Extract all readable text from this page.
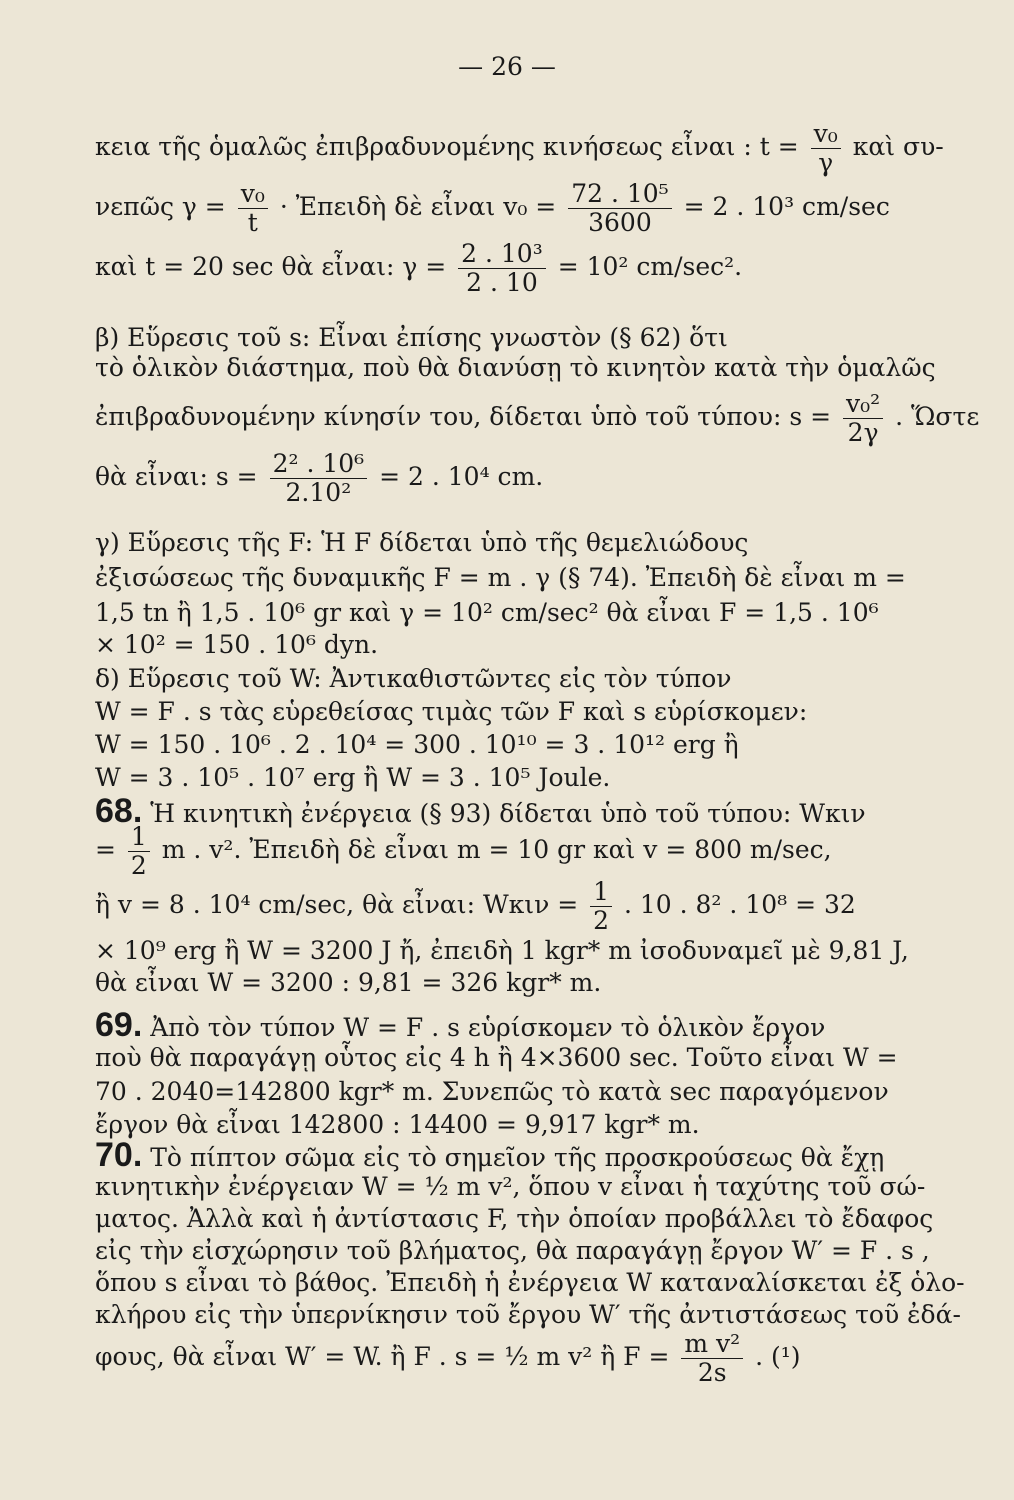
— 26 —
κεια τῆς ὁμαλῶς ἐπιβραδυνομένης κινήσεως εἶναι : $t = \frac{\text{v₀}}{\gamma}$ καὶ συ-
νεπῶς $\gamma = \frac{\text{v₀}}{t}$ · Ἐπειδὴ δὲ εἶναι $v_0 = \frac{\text{72 . 10⁵}}{3600} = 2$ . 10³ cm/sec
καὶ t = 20 sec θὰ εἶναι: $\gamma = \frac{\text{2 . 10³}}{2 . 10} = 10^2$ cm/sec².
β) Εὕρεσις τοῦ s: Εἶναι ἐπίσης γνωστὸν (§ 62) ὅτι
τὸ ὁλικὸν διάστημα, ποὺ θὰ διανύσῃ τὸ κινητὸν κατὰ τὴν ὁμαλῶς
ἐπιβραδυνομένην κίνησίν του, δίδεται ὑπὸ τοῦ τύπου: $s = \frac{\text{v₀²}}{2\gamma}$ . Ὥστε
θὰ εἶναι: $s = \frac{\text{2² . 10⁶}}{\text{2.10²}} = 2$ . 10⁴ cm.
γ) Εὕρεσις τῆς F: Ἡ F δίδεται ὑπὸ τῆς θεμελιώδους
ἐξισώσεως τῆς δυναμικῆς F = m . γ (§ 74). Ἐπειδὴ δὲ εἶναι m =
1,5 tn ἢ 1,5 . 10⁶ gr καὶ γ = 10² cm/sec² θὰ εἶναι F = 1,5 . 10⁶
× 10² = 150 . 10⁶ dyn.
δ) Εὕρεσις τοῦ W: Ἀντικαθιστῶντες εἰς τὸν τύπον
W = F . s τὰς εὑρεθείσας τιμὰς τῶν F καὶ s εὑρίσκομεν:
W = 150 . 10⁶ . 2 . 10⁴ = 300 . 10¹⁰ = 3 . 10¹² erg ἢ
W = 3 . 10⁵ . 10⁷ erg ἢ W = 3 . 10⁵ Joule.
68. Ἡ κινητικὴ ἐνέργεια (§ 93) δίδεται ὑπὸ τοῦ τύπου: Wκιν
= $\frac{1}{2}$ m . v². Ἐπειδὴ δὲ εἶναι m = 10 gr καὶ v = 800 m/sec,
ἢ v = 8 . 10⁴ cm/sec, θὰ εἶναι: $W\kappa\iota\nu = \frac{1}{2}$ . 10 . 8² . 10⁸ = 32
× 10⁹ erg ἢ W = 3200 J ἤ, ἐπειδὴ 1 kgr* m ἰσοδυναμεῖ μὲ 9,81 J,
θὰ εἶναι W = 3200 : 9,81 = 326 kgr* m.
69. Ἀπὸ τὸν τύπον W = F . s εὑρίσκομεν τὸ ὁλικὸν ἔργον
ποὺ θὰ παραγάγῃ οὗτος εἰς 4 h ἢ 4×3600 sec. Τοῦτο εἶναι W =
70 . 2040=142800 kgr* m. Συνεπῶς τὸ κατὰ sec παραγόμενον
ἔργον θὰ εἶναι 142800 : 14400 = 9,917 kgr* m.
70. Τὸ πίπτον σῶμα εἰς τὸ σημεῖον τῆς προσκρούσεως θὰ ἔχῃ
κινητικὴν ἐνέργειαν W = ½ m v², ὅπου v εἶναι ἡ ταχύτης τοῦ σώ-
ματος. Ἀλλὰ καὶ ἡ ἀντίστασις F, τὴν ὁποίαν προβάλλει τὸ ἔδαφος
εἰς τὴν εἰσχώρησιν τοῦ βλήματος, θὰ παραγάγῃ ἔργον W′ = F . s ,
ὅπου s εἶναι τὸ βάθος. Ἐπειδὴ ἡ ἐνέργεια W καταναλίσκεται ἐξ ὁλο-
κλήρου εἰς τὴν ὑπερνίκησιν τοῦ ἔργου W′ τῆς ἀντιστάσεως τοῦ ἐδά-
φους, θὰ εἶναι W′ = W. ἢ F . s = ½ m v² ἢ $F = \frac{\text{m v²}}{2s}$ . (¹)
